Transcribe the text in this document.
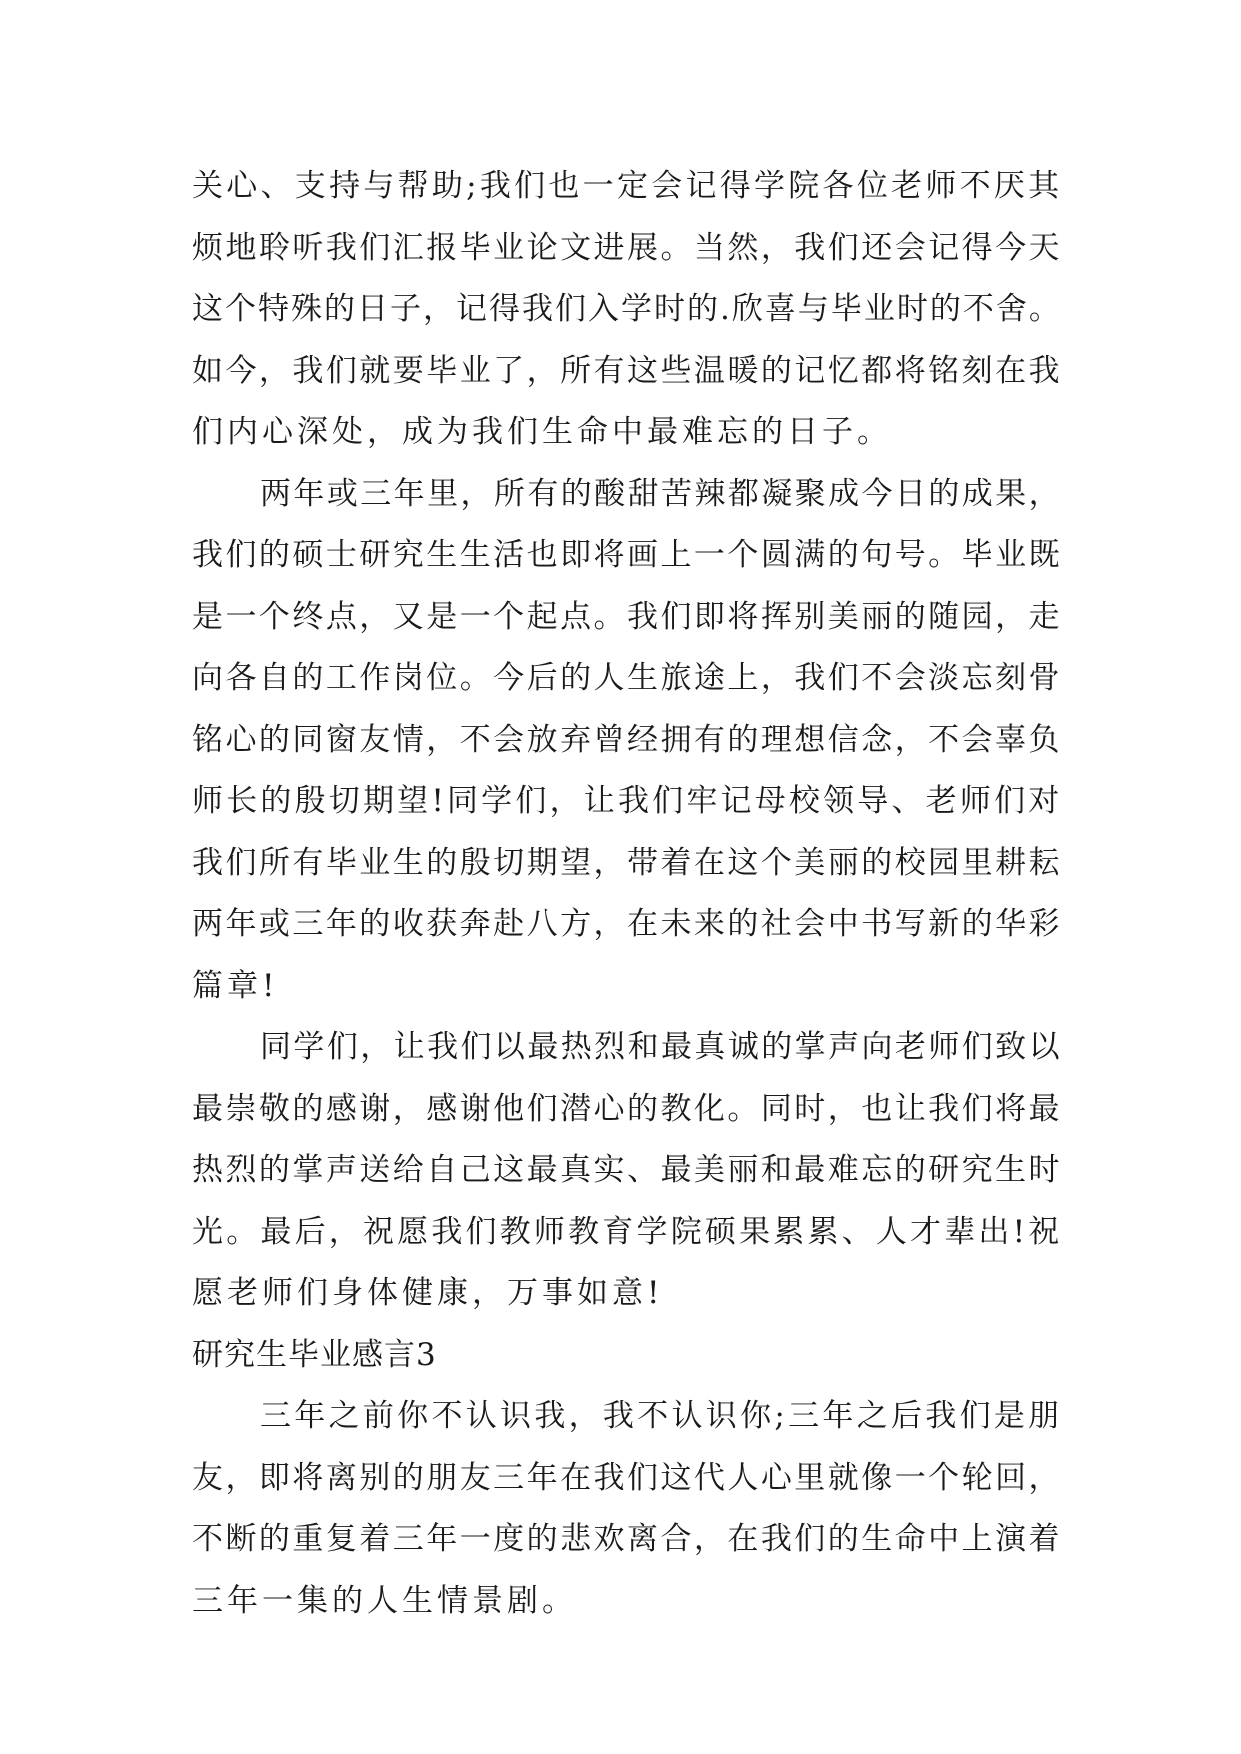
关心、支持与帮助;我们也一定会记得学院各位老师不厌其
烦地聆听我们汇报毕业论文进展。当然，我们还会记得今天
这个特殊的日子，记得我们入学时的.欣喜与毕业时的不舍。
如今，我们就要毕业了，所有这些温暖的记忆都将铭刻在我
们内心深处，成为我们生命中最难忘的日子。
两年或三年里，所有的酸甜苦辣都凝聚成今日的成果，
我们的硕士研究生生活也即将画上一个圆满的句号。毕业既
是一个终点，又是一个起点。我们即将挥别美丽的随园，走
向各自的工作岗位。今后的人生旅途上，我们不会淡忘刻骨
铭心的同窗友情，不会放弃曾经拥有的理想信念，不会辜负
师长的殷切期望!同学们，让我们牢记母校领导、老师们对
我们所有毕业生的殷切期望，带着在这个美丽的校园里耕耘
两年或三年的收获奔赴八方，在未来的社会中书写新的华彩
篇章!
同学们，让我们以最热烈和最真诚的掌声向老师们致以
最崇敬的感谢，感谢他们潜心的教化。同时，也让我们将最
热烈的掌声送给自己这最真实、最美丽和最难忘的研究生时
光。最后，祝愿我们教师教育学院硕果累累、人才辈出!祝
愿老师们身体健康，万事如意!
研究生毕业感言3
三年之前你不认识我，我不认识你;三年之后我们是朋
友，即将离别的朋友三年在我们这代人心里就像一个轮回，
不断的重复着三年一度的悲欢离合，在我们的生命中上演着
三年一集的人生情景剧。
